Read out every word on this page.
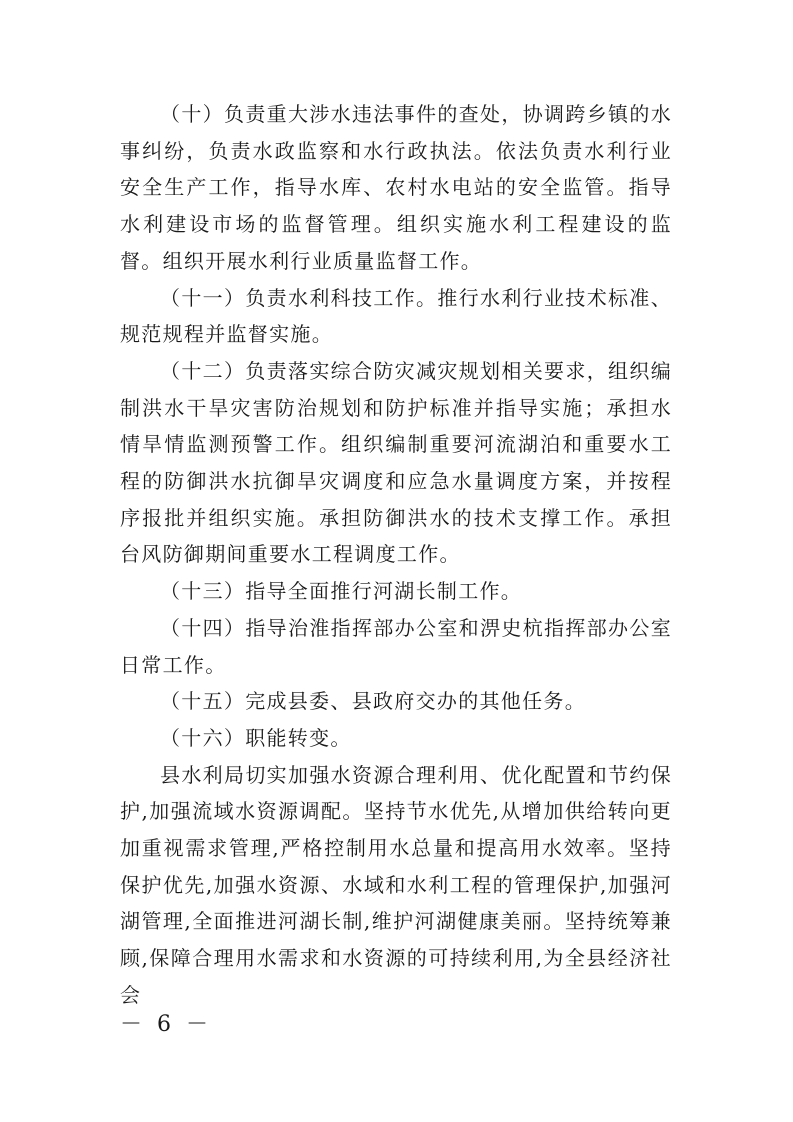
（十）负责重大涉水违法事件的查处，协调跨乡镇的水事纠纷，负责水政监察和水行政执法。依法负责水利行业安全生产工作，指导水库、农村水电站的安全监管。指导水利建设市场的监督管理。组织实施水利工程建设的监督。组织开展水利行业质量监督工作。

（十一）负责水利科技工作。推行水利行业技术标准、规范规程并监督实施。

（十二）负责落实综合防灾减灾规划相关要求，组织编制洪水干旱灾害防治规划和防护标准并指导实施；承担水情旱情监测预警工作。组织编制重要河流湖泊和重要水工程的防御洪水抗御旱灾调度和应急水量调度方案，并按程序报批并组织实施。承担防御洪水的技术支撑工作。承担台风防御期间重要水工程调度工作。

（十三）指导全面推行河湖长制工作。

（十四）指导治淮指挥部办公室和淠史杭指挥部办公室日常工作。

（十五）完成县委、县政府交办的其他任务。

（十六）职能转变。

县水利局切实加强水资源合理利用、优化配置和节约保护,加强流域水资源调配。坚持节水优先,从增加供给转向更加重视需求管理,严格控制用水总量和提高用水效率。坚持保护优先,加强水资源、水域和水利工程的管理保护,加强河湖管理,全面推进河湖长制,维护河湖健康美丽。坚持统筹兼顾,保障合理用水需求和水资源的可持续利用,为全县经济社会

－ 6 －
